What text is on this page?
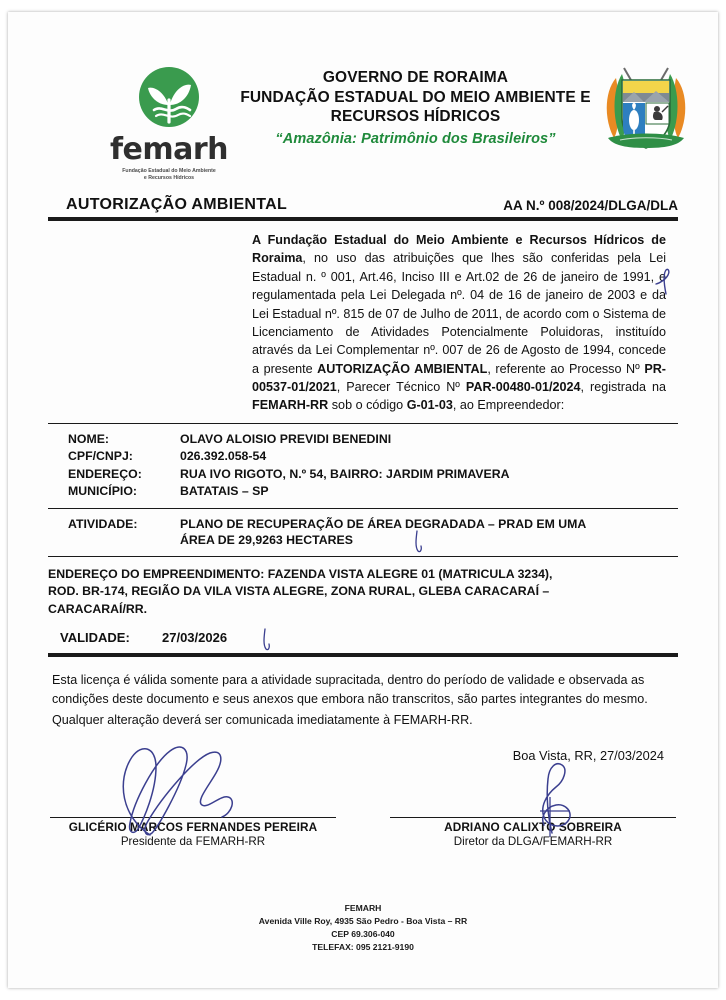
femarh
Fundação Estadual do Meio Ambiente
e Recursos Hídricos
GOVERNO DE RORAIMA
FUNDAÇÃO ESTADUAL DO MEIO AMBIENTE E
RECURSOS HÍDRICOS
“Amazônia: Patrimônio dos Brasileiros”
AUTORIZAÇÃO AMBIENTAL	AA N.º 008/2024/DLGA/DLA
A Fundação Estadual do Meio Ambiente e Recursos Hídricos de Roraima, no uso das atribuições que lhes são conferidas pela Lei Estadual n. º 001, Art.46, Inciso III e Art.02 de 26 de janeiro de 1991, e regulamentada pela Lei Delegada nº. 04 de 16 de janeiro de 2003 e da Lei Estadual nº. 815 de 07 de Julho de 2011, de acordo com o Sistema de Licenciamento de Atividades Potencialmente Poluidoras, instituído através da Lei Complementar nº. 007 de 26 de Agosto de 1994, concede a presente AUTORIZAÇÃO AMBIENTAL, referente ao Processo Nº PR-00537-01/2021, Parecer Técnico Nº PAR-00480-01/2024, registrada na FEMARH-RR sob o código G-01-03, ao Empreendedor:
NOME:	OLAVO ALOISIO PREVIDI BENEDINI
CPF/CNPJ:	026.392.058-54
ENDEREÇO:	RUA IVO RIGOTO, N.º 54, BAIRRO: JARDIM PRIMAVERA
MUNICÍPIO:	BATATAIS – SP
ATIVIDADE:	PLANO DE RECUPERAÇÃO DE ÁREA DEGRADADA – PRAD EM UMA
ÁREA DE 29,9263 HECTARES
ENDEREÇO DO EMPREENDIMENTO: FAZENDA VISTA ALEGRE 01 (MATRICULA 3234),
ROD. BR-174, REGIÃO DA VILA VISTA ALEGRE, ZONA RURAL, GLEBA CARACARAÍ –
CARACARAÍ/RR.
VALIDADE:	27/03/2026

Esta licença é válida somente para a atividade supracitada, dentro do período de validade e observada as condições deste documento e seus anexos que embora não transcritos, são partes integrantes do mesmo.

Qualquer alteração deverá ser comunicada imediatamente à FEMARH-RR.

Boa Vista, RR, 27/03/2024
GLICÉRIO MARCOS FERNANDES PEREIRA
Presidente da FEMARH-RR
ADRIANO CALIXTO SOBREIRA
Diretor da DLGA/FEMARH-RR
FEMARH
Avenida Ville Roy, 4935 São Pedro - Boa Vista – RR
CEP 69.306-040
TELEFAX: 095 2121-9190
